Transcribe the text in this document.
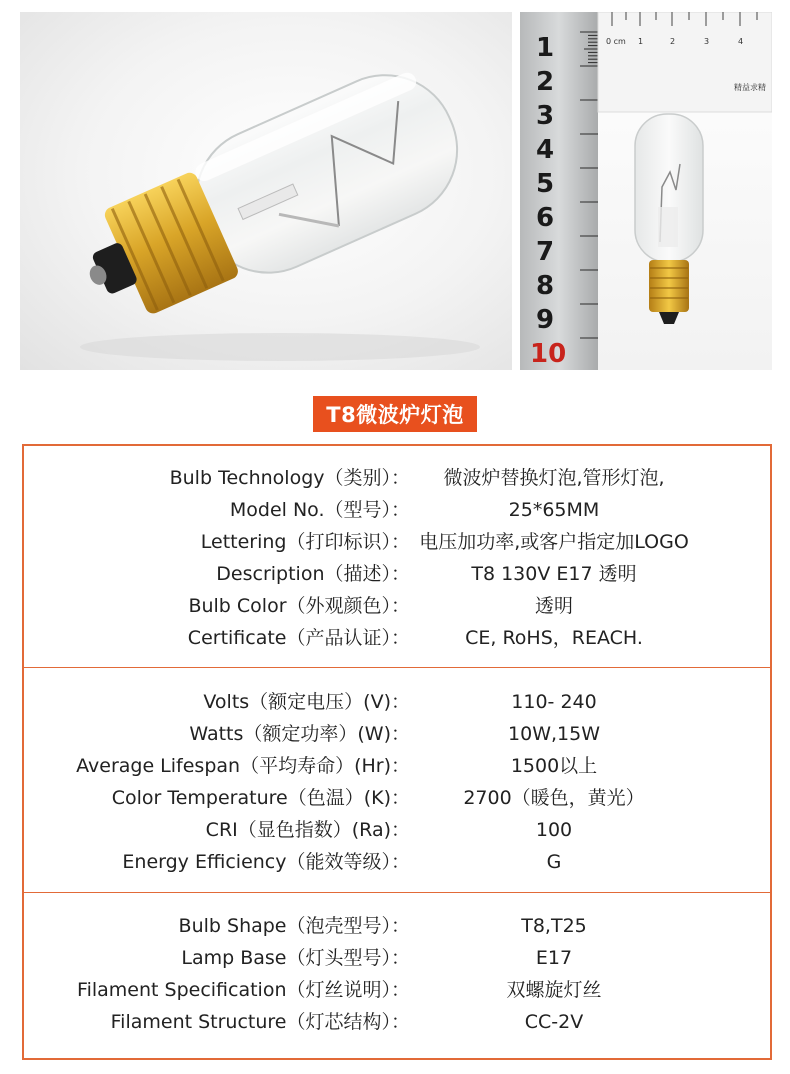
1
2
3
4
5
6
7
8
9
10
0 cm 1	2	3	4
精益求精
T8微波炉灯泡
Bulb Technology（类别）：	微波炉替换灯泡,管形灯泡,
Model No.（型号）：	25*65MM
Lettering（打印标识）： 电压加功率,或客户指定加LOGO
Description（描述）：	T8 130V E17 透明
Bulb Color（外观颜色）：	透明
Certificate（产品认证）：	CE, RoHS，REACH.
Volts（额定电压）(V)：	110- 240
Watts（额定功率）(W)：	10W,15W
Average Lifespan（平均寿命）(Hr)：	1500以上
Color Temperature（色温）(K)：	2700（暖色，黄光）
CRI（显色指数）(Ra)：	100
Energy Efficiency（能效等级）：	G
Bulb Shape（泡壳型号）：	T8,T25
Lamp Base（灯头型号）：	E17
Filament Specification（灯丝说明）：	双螺旋灯丝
Filament Structure（灯芯结构）：	CC-2V
